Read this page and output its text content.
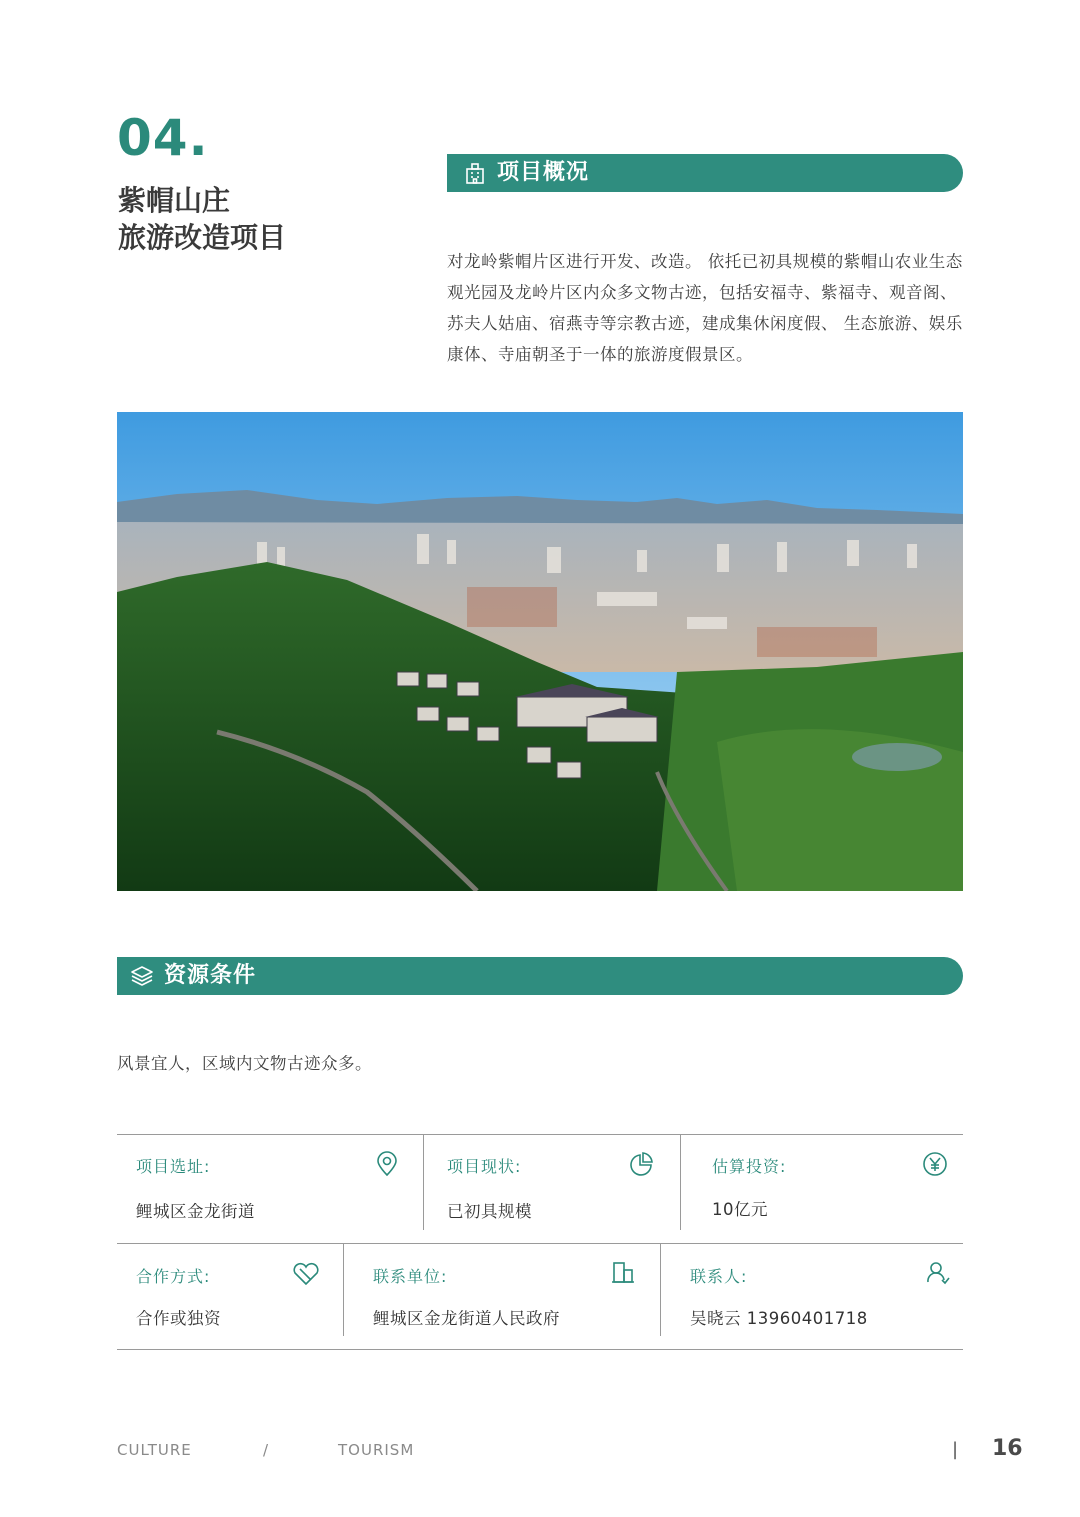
04.
紫帽山庄
旅游改造项目
项目概况
对龙岭紫帽片区进行开发、改造。 依托已初具规模的紫帽山农业生态观光园及龙岭片区内众多文物古迹，包括安福寺、紫福寺、观音阁、苏夫人姑庙、宿燕寺等宗教古迹，建成集休闲度假、 生态旅游、娱乐康体、寺庙朝圣于一体的旅游度假景区。
资源条件
风景宜人，区域内文物古迹众多。
项目选址:
鲤城区金龙街道
项目现状:
已初具规模
估算投资:
10亿元
合作方式:
合作或独资
联系单位:
鲤城区金龙街道人民政府
联系人:
吴晓云 13960401718
CULTURE	/	TOURISM	| 16
